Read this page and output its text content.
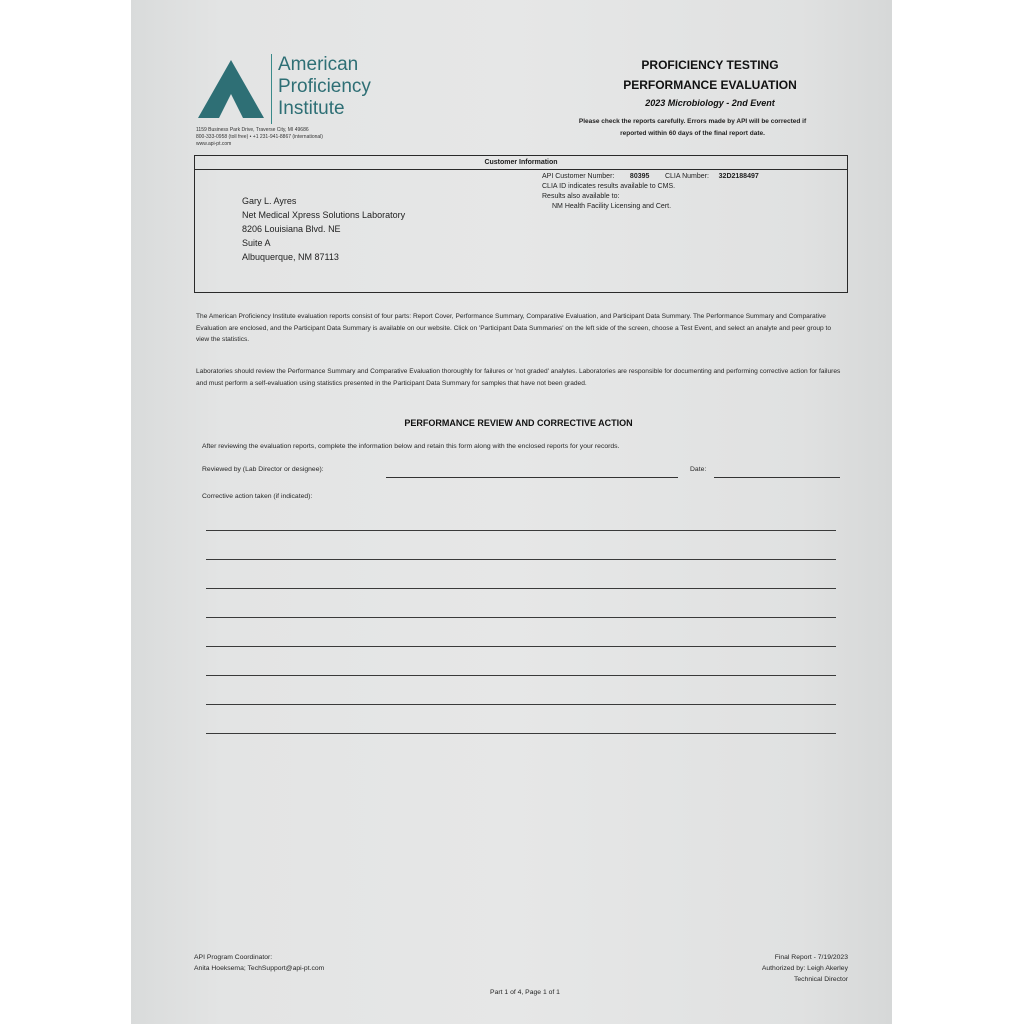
American
Proficiency
Institute
1159 Business Park Drive, Traverse City, MI 49686
800-333-0958 (toll free) • +1 231-941-8867 (international)
www.api-pt.com
PROFICIENCY TESTING
PERFORMANCE EVALUATION
2023 Microbiology - 2nd Event
Please check the reports carefully. Errors made by API will be corrected if
reported within 60 days of the final report date.
Customer Information
Gary L. Ayres
Net Medical Xpress Solutions Laboratory
8206 Louisiana Blvd. NE
Suite A
Albuquerque, NM 87113
API Customer Number: 80395 CLIA Number: 32D2188497
CLIA ID indicates results available to CMS.
Results also available to:
NM Health Facility Licensing and Cert.
The American Proficiency Institute evaluation reports consist of four parts: Report Cover, Performance Summary, Comparative Evaluation, and Participant Data Summary. The Performance Summary and Comparative Evaluation are enclosed, and the Participant Data Summary is available on our website. Click on 'Participant Data Summaries' on the left side of the screen, choose a Test Event, and select an analyte and peer group to view the statistics.
Laboratories should review the Performance Summary and Comparative Evaluation thoroughly for failures or 'not graded' analytes. Laboratories are responsible for documenting and performing corrective action for failures and must perform a self-evaluation using statistics presented in the Participant Data Summary for samples that have not been graded.
PERFORMANCE REVIEW AND CORRECTIVE ACTION
After reviewing the evaluation reports, complete the information below and retain this form along with the enclosed reports for your records.
Reviewed by (Lab Director or designee):	Date:
Corrective action taken (if indicated):
API Program Coordinator:
Anita Hoeksema; TechSupport@api-pt.com
Final Report - 7/19/2023
Authorized by: Leigh Akerley
Technical Director
Part 1 of 4, Page 1 of 1
